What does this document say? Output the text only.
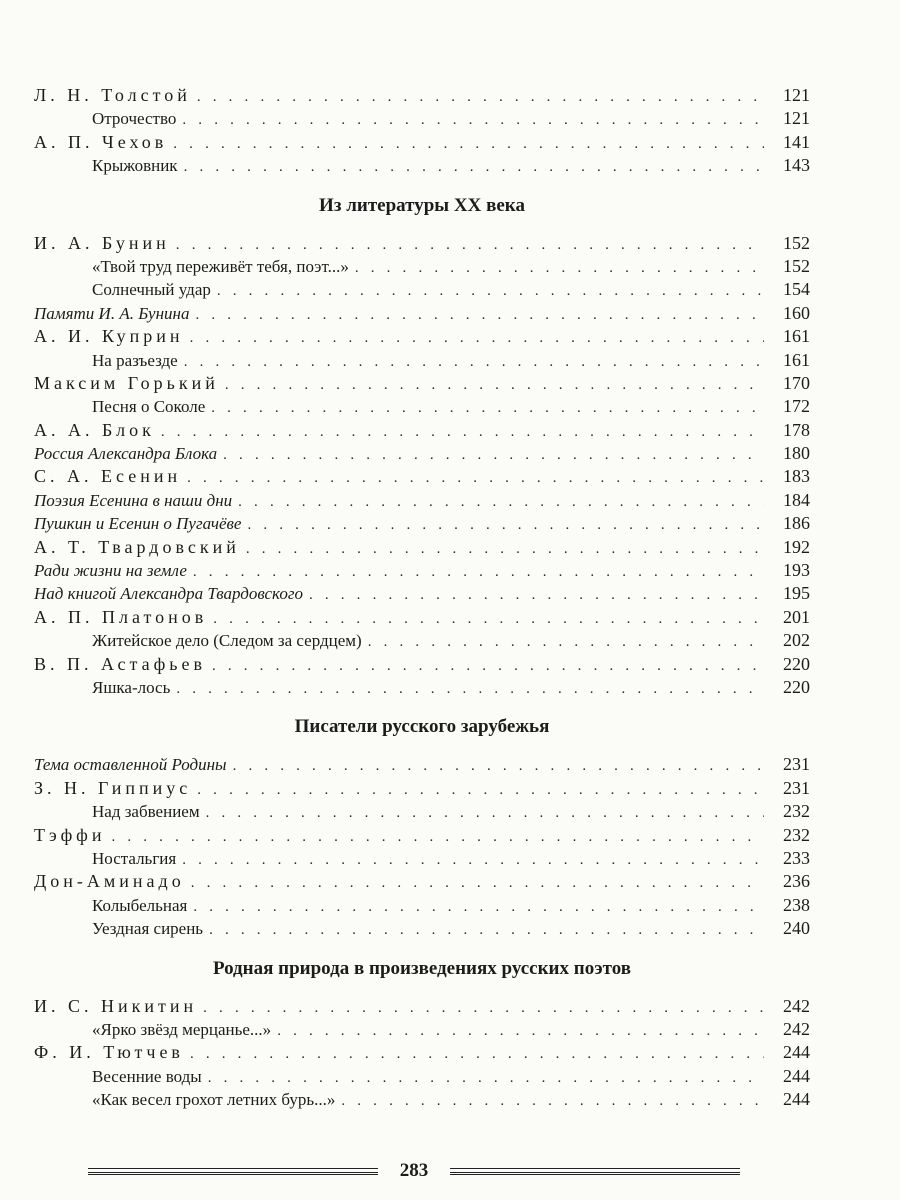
Л. Н. Толстой . . .	121
Отрочество . . .	121
А. П. Чехов . . .	141
Крыжовник . . .	143
Из литературы XX века
И. А. Бунин . . .	152
«Твой труд переживёт тебя, поэт...» . . .	152
Солнечный удар . . .	154
Памяти И. А. Бунина . . .	160
А. И. Куприн . . .	161
На разъезде . . .	161
Максим Горький . . .	170
Песня о Соколе . . .	172
А. А. Блок . . .	178
Россия Александра Блока . . .	180
С. А. Есенин . . .	183
Поэзия Есенина в наши дни . . .	184
Пушкин и Есенин о Пугачёве . . .	186
А. Т. Твардовский . . .	192
Ради жизни на земле . . .	193
Над книгой Александра Твардовского . . .	195
А. П. Платонов . . .	201
Житейское дело (Следом за сердцем) . . .	202
В. П. Астафьев . . .	220
Яшка-лось . . .	220
Писатели русского зарубежья
Тема оставленной Родины . . .	231
З. Н. Гиппиус . . .	231
Над забвением . . .	232
Тэффи . . .	232
Ностальгия . . .	233
Дон-Аминадо . . .	236
Колыбельная . . .	238
Уездная сирень . . .	240
Родная природа в произведениях русских поэтов
И. С. Никитин . . .	242
«Ярко звёзд мерцанье...» . . .	242
Ф. И. Тютчев . . .	244
Весенние воды . . .	244
«Как весел грохот летних бурь...» . . .	244
283
